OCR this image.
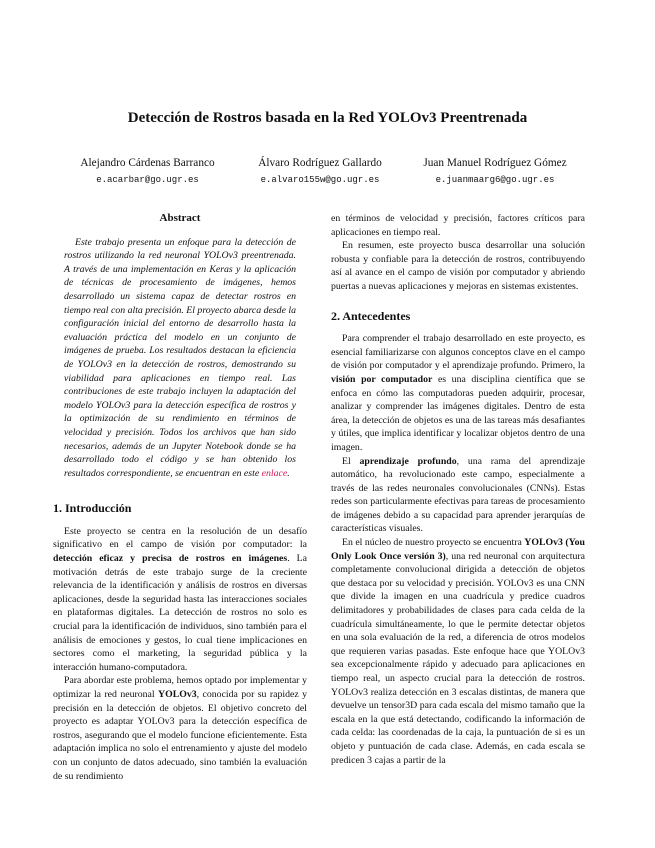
Detección de Rostros basada en la Red YOLOv3 Preentrenada
Alejandro Cárdenas Barranco
e.acarbar@go.ugr.es
Álvaro Rodríguez Gallardo
e.alvaro155w@go.ugr.es
Juan Manuel Rodríguez Gómez
e.juanmaarg6@go.ugr.es
Abstract

Este trabajo presenta un enfoque para la detección de rostros utilizando la red neuronal YOLOv3 preentrenada. A través de una implementación en Keras y la aplicación de técnicas de procesamiento de imágenes, hemos desarrollado un sistema capaz de detectar rostros en tiempo real con alta precisión. El proyecto abarca desde la configuración inicial del entorno de desarrollo hasta la evaluación práctica del modelo en un conjunto de imágenes de prueba. Los resultados destacan la eficiencia de YOLOv3 en la detección de rostros, demostrando su viabilidad para aplicaciones en tiempo real. Las contribuciones de este trabajo incluyen la adaptación del modelo YOLOv3 para la detección específica de rostros y la optimización de su rendimiento en términos de velocidad y precisión. Todos los archivos que han sido necesarios, además de un Jupyter Notebook donde se ha desarrollado todo el código y se han obtenido los resultados correspondiente, se encuentran en este enlace.

1. Introducción

Este proyecto se centra en la resolución de un desafío significativo en el campo de visión por computador: la detección eficaz y precisa de rostros en imágenes. La motivación detrás de este trabajo surge de la creciente relevancia de la identificación y análisis de rostros en diversas aplicaciones, desde la seguridad hasta las interacciones sociales en plataformas digitales. La detección de rostros no solo es crucial para la identificación de individuos, sino también para el análisis de emociones y gestos, lo cual tiene implicaciones en sectores como el marketing, la seguridad pública y la interacción humano-computadora.

Para abordar este problema, hemos optado por implementar y optimizar la red neuronal YOLOv3, conocida por su rapidez y precisión en la detección de objetos. El objetivo concreto del proyecto es adaptar YOLOv3 para la detección específica de rostros, asegurando que el modelo funcione eficientemente. Esta adaptación implica no solo el entrenamiento y ajuste del modelo con un conjunto de datos adecuado, sino también la evaluación de su rendimiento

en términos de velocidad y precisión, factores críticos para aplicaciones en tiempo real.

En resumen, este proyecto busca desarrollar una solución robusta y confiable para la detección de rostros, contribuyendo así al avance en el campo de visión por computador y abriendo puertas a nuevas aplicaciones y mejoras en sistemas existentes.

2. Antecedentes

Para comprender el trabajo desarrollado en este proyecto, es esencial familiarizarse con algunos conceptos clave en el campo de visión por computador y el aprendizaje profundo. Primero, la visión por computador es una disciplina científica que se enfoca en cómo las computadoras pueden adquirir, procesar, analizar y comprender las imágenes digitales. Dentro de esta área, la detección de objetos es una de las tareas más desafiantes y útiles, que implica identificar y localizar objetos dentro de una imagen.

El aprendizaje profundo, una rama del aprendizaje automático, ha revolucionado este campo, especialmente a través de las redes neuronales convolucionales (CNNs). Estas redes son particularmente efectivas para tareas de procesamiento de imágenes debido a su capacidad para aprender jerarquías de características visuales.

En el núcleo de nuestro proyecto se encuentra YOLOv3 (You Only Look Once versión 3), una red neuronal con arquitectura completamente convolucional dirigida a detección de objetos que destaca por su velocidad y precisión. YOLOv3 es una CNN que divide la imagen en una cuadrícula y predice cuadros delimitadores y probabilidades de clases para cada celda de la cuadrícula simultáneamente, lo que le permite detectar objetos en una sola evaluación de la red, a diferencia de otros modelos que requieren varias pasadas. Este enfoque hace que YOLOv3 sea excepcionalmente rápido y adecuado para aplicaciones en tiempo real, un aspecto crucial para la detección de rostros. YOLOv3 realiza detección en 3 escalas distintas, de manera que devuelve un tensor3D para cada escala del mismo tamaño que la escala en la que está detectando, codificando la información de cada celda: las coordenadas de la caja, la puntuación de si es un objeto y puntuación de cada clase. Además, en cada escala se predicen 3 cajas a partir de la
